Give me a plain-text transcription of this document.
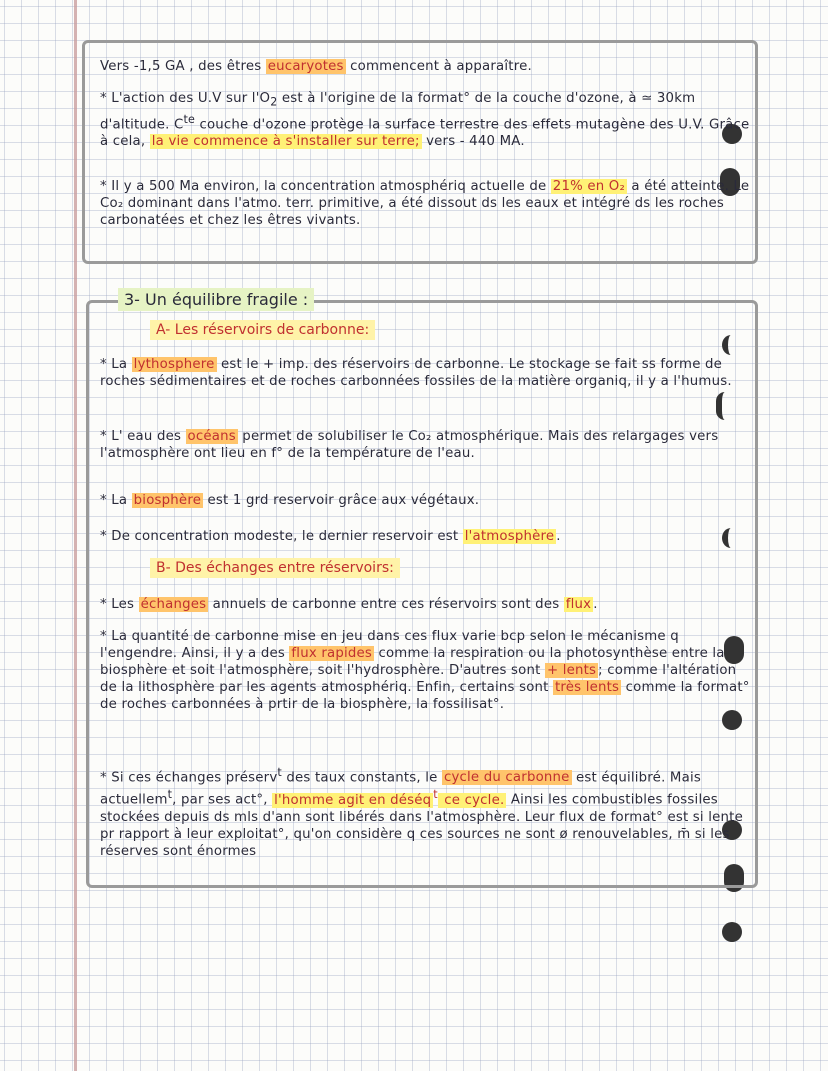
Vers -1,5 GA , des êtres eucaryotes commencent à apparaître.

* L'action des U.V sur $l'O_2$ est à l'origine de la format° de la couche d'ozone, à ≃ 30km d'altitude. $C^{te}$ couche d'ozone protège la surface terrestre des effets mutagène des U.V. Grâce à cela, la vie commence à s'installer sur terre; vers - 440 MA.

* Il y a 500 Ma environ, la concentration atmosphériq actuelle de 21% en O₂ a été atteinte. Le Co₂ dominant dans l'atmo. terr. primitive, a été dissout ds les eaux et intégré ds les roches carbonatées et chez les êtres vivants.

3- Un équilibre fragile :
A- Les réservoirs de carbonne:

* La lythosphere est le + imp. des réservoirs de carbonne. Le stockage se fait ss forme de roches sédimentaires et de roches carbonnées fossiles de la matière organiq, il y a l'humus.

* L' eau des océans permet de solubiliser le Co₂ atmosphérique. Mais des relargages vers l'atmosphère ont lieu en f° de la température de l'eau.

* La biosphère est 1 grd reservoir grâce aux végétaux.

* De concentration modeste, le dernier reservoir est l'atmosphère .

B- Des échanges entre réservoirs:

* Les échanges annuels de carbonne entre ces réservoirs sont des flux .

* La quantité de carbonne mise en jeu dans ces flux varie bcp selon le mécanisme q l'engendre. Ainsi, il y a des flux rapides comme la respiration ou la photosynthèse entre la biosphère et soit l'atmosphère, soit l'hydrosphère. D'autres sont + lents ; comme l'altération de la lithosphère par les agents atmosphériq. Enfin, certains sont très lents comme la format° de roches carbonnées à prtir de la biosphère, la fossilisat°.

* Si ces échanges préserv$^t$ des taux constants, le cycle du carbonne est équilibré. Mais actuellem$^t$, par ses act°, l'homme agit en déséq $^t$ ce cycle. Ainsi les combustibles fossiles stockées depuis ds mls d'ann sont libérés dans l'atmosphère. Leur flux de format° est si lente pr rapport à leur exploitat°, qu'on considère q ces sources ne sont ø renouvelables, m̄ si les réserves sont énormes
